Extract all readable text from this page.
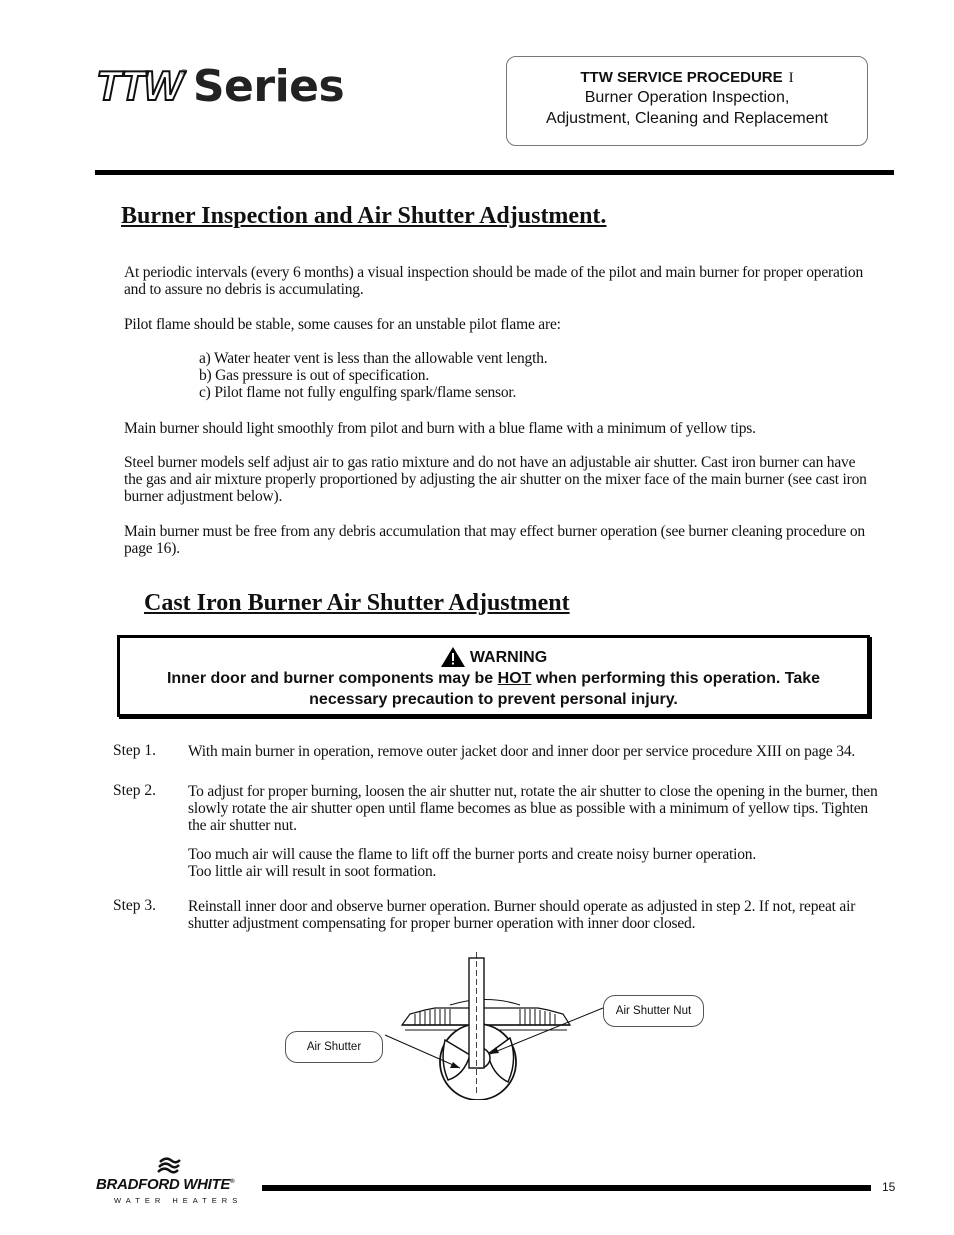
TTW ® Series	TTW SERVICE PROCEDURE I
Burner Operation Inspection,
Adjustment, Cleaning and Replacement
Burner Inspection and Air Shutter Adjustment.

At periodic intervals (every 6 months) a visual inspection should be made of the pilot and main burner for proper operation and to assure no debris is accumulating.

Pilot flame should be stable, some causes for an unstable pilot flame are:

a) Water heater vent is less than the allowable vent length.

b) Gas pressure is out of specification.

c) Pilot flame not fully engulfing spark/flame sensor.

Main burner should light smoothly from pilot and burn with a blue flame with a minimum of yellow tips.

Steel burner models self adjust air to gas ratio mixture and do not have an adjustable air shutter. Cast iron burner can have the gas and air mixture properly proportioned by adjusting the air shutter on the mixer face of the main burner (see cast iron burner adjustment below).

Main burner must be free from any debris accumulation that may effect burner operation (see burner cleaning procedure on page 16).

Cast Iron Burner Air Shutter Adjustment
WARNING
Inner door and burner components may be HOT when performing this operation. Take
necessary precaution to prevent personal injury.
Step 1. With main burner in operation, remove outer jacket door and inner door per service procedure XIII on page 34.

Step 2. To adjust for proper burning, loosen the air shutter nut, rotate the air shutter to close the opening in the burner, then slowly rotate the air shutter open until flame becomes as blue as possible with a minimum of yellow tips. Tighten the air shutter nut.

Too much air will cause the flame to lift off the burner ports and create noisy burner operation.

Too little air will result in soot formation.

Step 3. Reinstall inner door and observe burner operation. Burner should operate as adjusted in step 2. If not, repeat air shutter adjustment compensating for proper burner operation with inner door closed.

Air Shutter
Air Shutter Nut
BRADFORD WHITE®
WATER HEATERS
15
